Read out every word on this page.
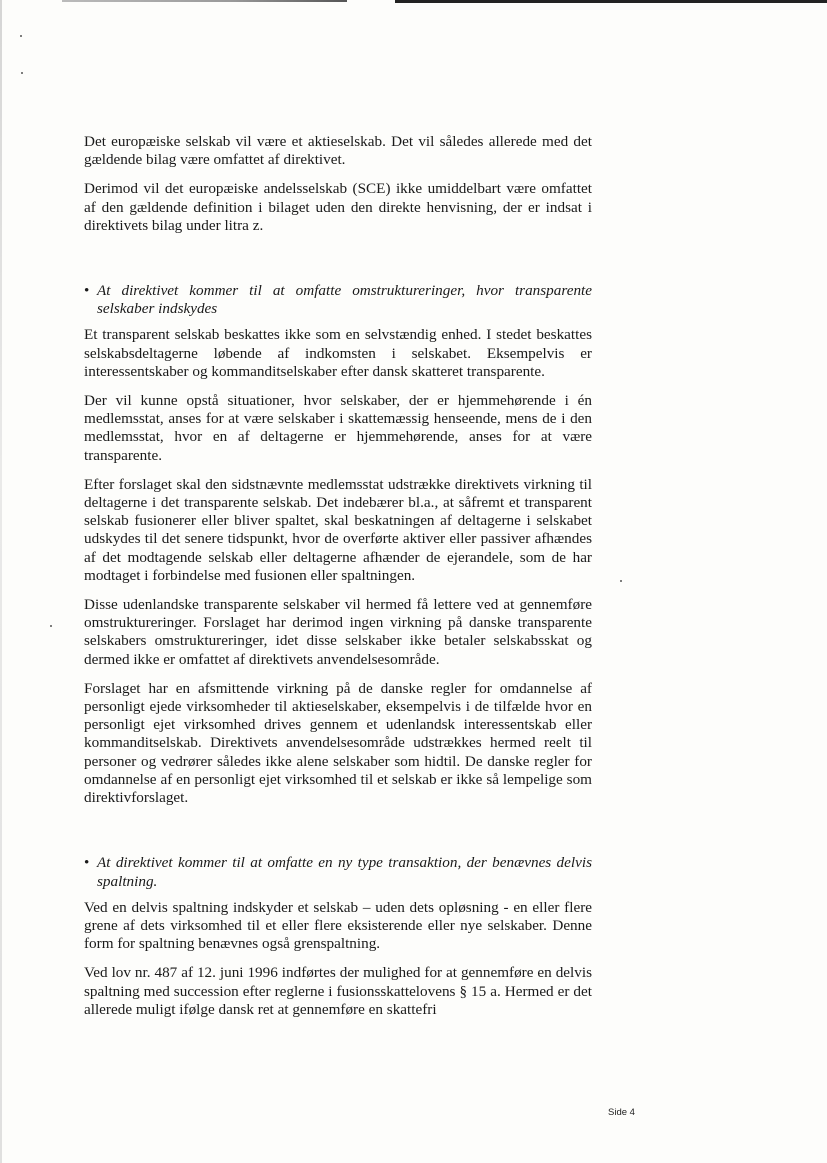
Det europæiske selskab vil være et aktieselskab. Det vil således allerede med det gældende bilag være omfattet af direktivet.

Derimod vil det europæiske andelsselskab (SCE) ikke umiddelbart være omfattet af den gældende definition i bilaget uden den direkte henvisning, der er indsat i direktivets bilag under litra z.

• At direktivet kommer til at omfatte omstruktureringer, hvor transparente selskaber indskydes

Et transparent selskab beskattes ikke som en selvstændig enhed. I stedet beskattes selskabsdeltagerne løbende af indkomsten i selskabet. Eksempelvis er interessentskaber og kommanditselskaber efter dansk skatteret transparente.

Der vil kunne opstå situationer, hvor selskaber, der er hjemmehørende i én medlemsstat, anses for at være selskaber i skattemæssig henseende, mens de i den medlemsstat, hvor en af deltagerne er hjemmehørende, anses for at være transparente.

Efter forslaget skal den sidstnævnte medlemsstat udstrække direktivets virkning til deltagerne i det transparente selskab. Det indebærer bl.a., at såfremt et transparent selskab fusionerer eller bliver spaltet, skal beskatningen af deltagerne i selskabet udskydes til det senere tidspunkt, hvor de overførte aktiver eller passiver afhændes af det modtagende selskab eller deltagerne afhænder de ejerandele, som de har modtaget i forbindelse med fusionen eller spaltningen.

Disse udenlandske transparente selskaber vil hermed få lettere ved at gennemføre omstruktureringer. Forslaget har derimod ingen virkning på danske transparente selskabers omstruktureringer, idet disse selskaber ikke betaler selskabsskat og dermed ikke er omfattet af direktivets anvendelsesområde.

Forslaget har en afsmittende virkning på de danske regler for omdannelse af personligt ejede virksomheder til aktieselskaber, eksempelvis i de tilfælde hvor en personligt ejet virksomhed drives gennem et udenlandsk interessentskab eller kommanditselskab. Direktivets anvendelsesområde udstrækkes hermed reelt til personer og vedrører således ikke alene selskaber som hidtil. De danske regler for omdannelse af en personligt ejet virksomhed til et selskab er ikke så lempelige som direktivforslaget.

• At direktivet kommer til at omfatte en ny type transaktion, der benævnes delvis spaltning.

Ved en delvis spaltning indskyder et selskab – uden dets opløsning - en eller flere grene af dets virksomhed til et eller flere eksisterende eller nye selskaber. Denne form for spaltning benævnes også grenspaltning.

Ved lov nr. 487 af 12. juni 1996 indførtes der mulighed for at gennemføre en delvis spaltning med succession efter reglerne i fusionsskattelovens § 15 a. Hermed er det allerede muligt ifølge dansk ret at gennemføre en skattefri

Side 4
